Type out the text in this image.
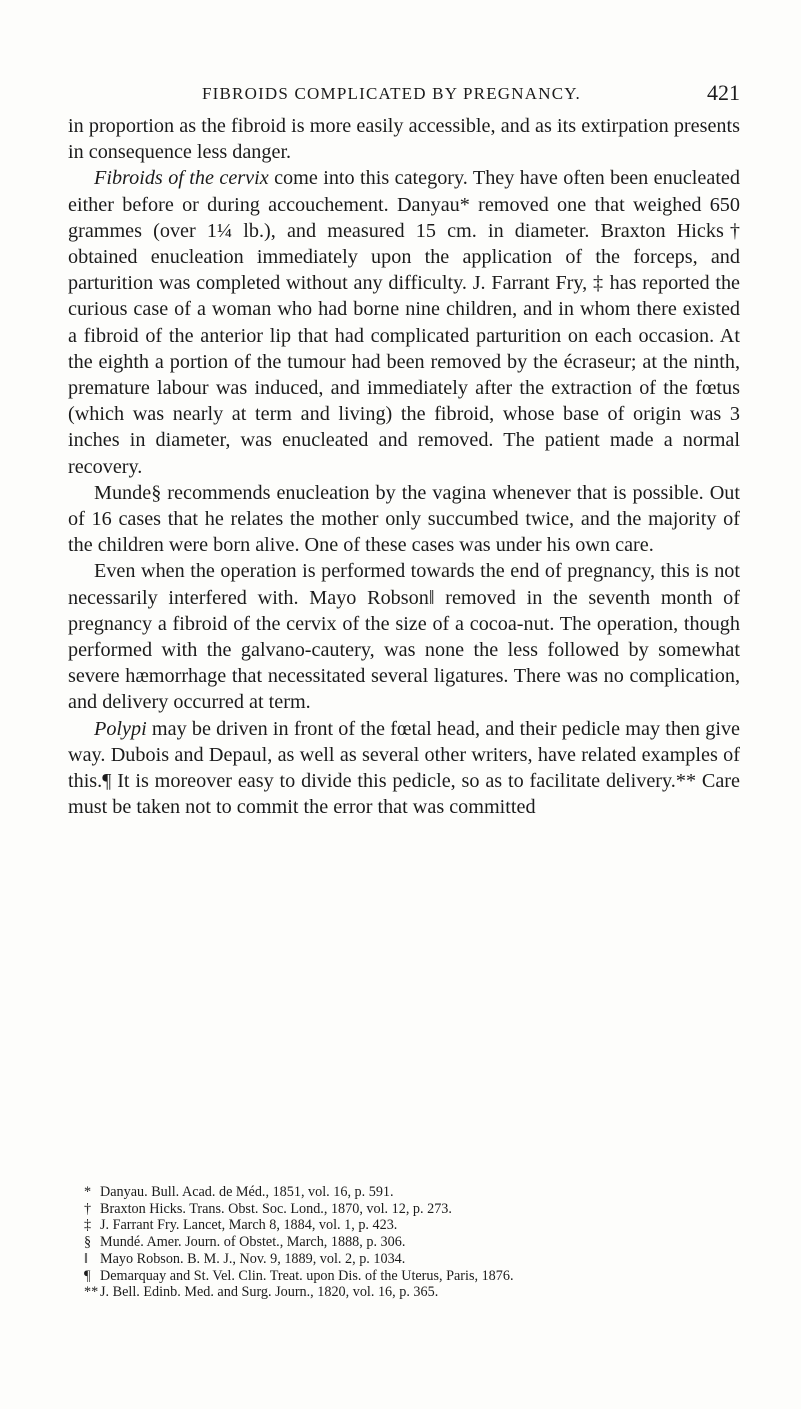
FIBROIDS COMPLICATED BY PREGNANCY.	421

in proportion as the fibroid is more easily accessible, and as its extirpation presents in consequence less danger.

Fibroids of the cervix come into this category. They have often been enucleated either before or during accouchement. Danyau* removed one that weighed 650 grammes (over 1¼ lb.), and measured 15 cm. in diameter. Braxton Hicks† obtained enucleation immediately upon the application of the forceps, and parturition was completed without any difficulty. J. Farrant Fry, ‡ has reported the curious case of a woman who had borne nine children, and in whom there existed a fibroid of the anterior lip that had complicated parturition on each occasion. At the eighth a portion of the tumour had been removed by the écraseur; at the ninth, premature labour was induced, and immediately after the extraction of the fœtus (which was nearly at term and living) the fibroid, whose base of origin was 3 inches in diameter, was enucleated and removed. The patient made a normal recovery.

Munde§ recommends enucleation by the vagina whenever that is possible. Out of 16 cases that he relates the mother only succumbed twice, and the majority of the children were born alive. One of these cases was under his own care.

Even when the operation is performed towards the end of pregnancy, this is not necessarily interfered with. Mayo Robson‖ removed in the seventh month of pregnancy a fibroid of the cervix of the size of a cocoa-nut. The operation, though performed with the galvano-cautery, was none the less followed by somewhat severe hæmorrhage that necessitated several ligatures. There was no complication, and delivery occurred at term.

Polypi may be driven in front of the fœtal head, and their pedicle may then give way. Dubois and Depaul, as well as several other writers, have related examples of this.¶ It is moreover easy to divide this pedicle, so as to facilitate delivery.** Care must be taken not to commit the error that was committed

* Danyau. Bull. Acad. de Méd., 1851, vol. 16, p. 591.
† Braxton Hicks. Trans. Obst. Soc. Lond., 1870, vol. 12, p. 273.
‡ J. Farrant Fry. Lancet, March 8, 1884, vol. 1, p. 423.
§ Mundé. Amer. Journ. of Obstet., March, 1888, p. 306.
‖ Mayo Robson. B. M. J., Nov. 9, 1889, vol. 2, p. 1034.
¶ Demarquay and St. Vel. Clin. Treat. upon Dis. of the Uterus, Paris, 1876.
** J. Bell. Edinb. Med. and Surg. Journ., 1820, vol. 16, p. 365.
